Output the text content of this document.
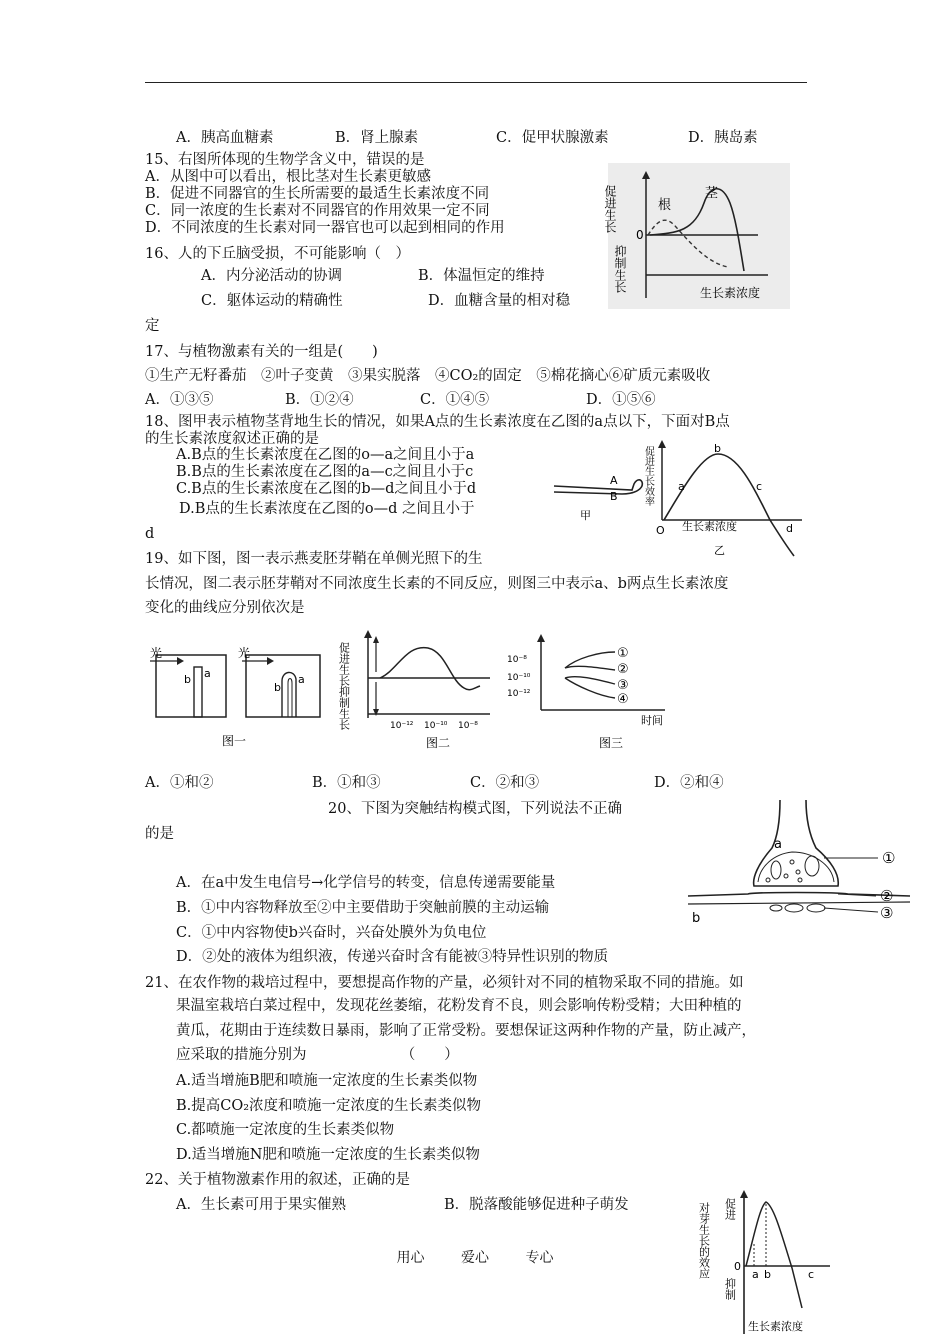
A．胰高血糖素	B．肾上腺素	C．促甲状腺激素	D．胰岛素
15、右图所体现的生物学含义中，错误的是
A．从图中可以看出，根比茎对生长素更敏感
B．促进不同器官的生长所需要的最适生长素浓度不同
C．同一浓度的生长素对不同器官的作用效果一定不同
D．不同浓度的生长素对同一器官也可以起到相同的作用	促进生长
0
抑制生长
根
茎
生长素浓度
16、人的下丘脑受损，不可能影响（　）
A．内分泌活动的协调	B．体温恒定的维持
C．躯体运动的精确性	D．血糖含量的相对稳
定
17、与植物激素有关的一组是(　　)
①生产无籽番茄　②叶子变黄　③果实脱落　④CO₂的固定　⑤棉花摘心⑥矿质元素吸收
A．①③⑤	B．①②④	C．①④⑤	D．①⑤⑥
18、图甲表示植物茎背地生长的情况，如果A点的生长素浓度在乙图的a点以下，下面对B点
的生长素浓度叙述正确的是
A.B点的生长素浓度在乙图的o—a之间且小于a
B.B点的生长素浓度在乙图的a—c之间且小于c
C.B点的生长素浓度在乙图的b—d之间且小于d
D.B点的生长素浓度在乙图的o—d 之间且小于
d
A
B
甲
促进生长效率
O 生长素浓度
a
b
c
d
乙
19、如下图，图一表示燕麦胚芽鞘在单侧光照下的生
长情况，图二表示胚芽鞘对不同浓度生长素的不同反应，则图三中表示a、b两点生长素浓度
变化的曲线应分别依次是
光	光
a
b	a
b
图一
促进生长
抑制生长	10⁻¹² 10⁻¹⁰ 10⁻⁸
图二
10⁻⁸
10⁻¹⁰
10⁻¹²
①
②
③
④
时间
图三
A．①和②	B．①和③	C．②和③	D．②和④
20、下图为突触结构模式图，下列说法不正确
的是
A．在a中发生电信号→化学信号的转变，信息传递需要能量
B．①中内容物释放至②中主要借助于突触前膜的主动运输
C．①中内容物使b兴奋时，兴奋处膜外为负电位
D．②处的液体为组织液，传递兴奋时含有能被③特异性识别的物质
a
b
①
②
③
21、在农作物的栽培过程中，要想提高作物的产量，必须针对不同的植物采取不同的措施。如
果温室栽培白菜过程中，发现花丝萎缩，花粉发育不良，则会影响传粉受精；大田种植的
黄瓜，花期由于连续数日暴雨，影响了正常受粉。要想保证这两种作物的产量，防止减产，
应采取的措施分别为　　　　　　　（　　）
A.适当增施B肥和喷施一定浓度的生长素类似物
B.提高CO₂浓度和喷施一定浓度的生长素类似物
C.都喷施一定浓度的生长素类似物
D.适当增施N肥和喷施一定浓度的生长素类似物
22、关于植物激素作用的叙述，正确的是
A．生长素可用于果实催熟	B．脱落酸能够促进种子萌发	促进
对芽生长的效应 0
抑制
a b	c
生长素浓度
用心	爱心	专心
